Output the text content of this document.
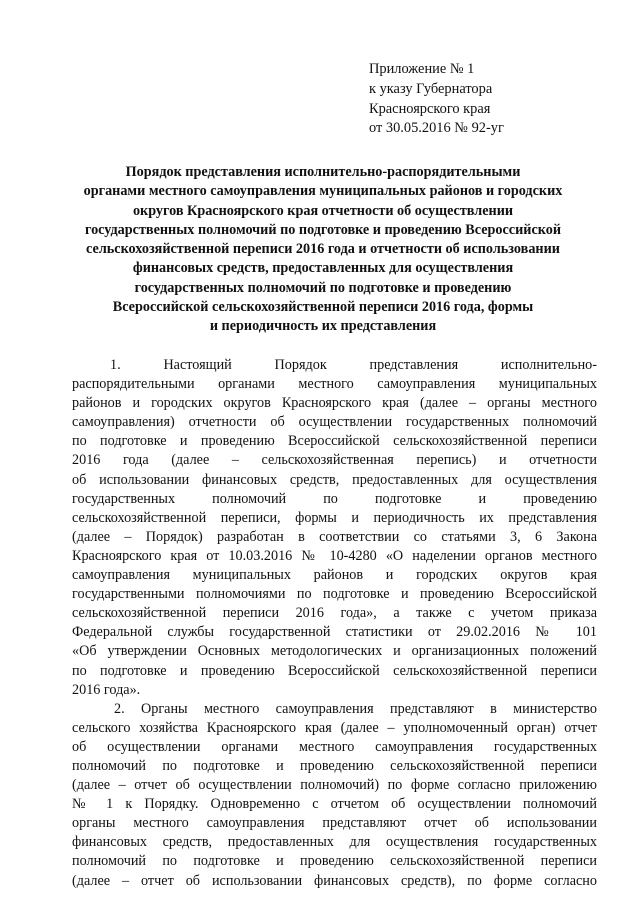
Приложение № 1
к указу Губернатора
Красноярского края
от 30.05.2016 № 92-уг
Порядок представления исполнительно-распорядительными
органами местного самоуправления муниципальных районов и городских
округов Красноярского края отчетности об осуществлении
государственных полномочий по подготовке и проведению Всероссийской
сельскохозяйственной переписи 2016 года и отчетности об использовании
финансовых средств, предоставленных для осуществления
государственных полномочий по подготовке и проведению
Всероссийской сельскохозяйственной переписи 2016 года, формы
и периодичность их представления
1. Настоящий Порядок представления исполнительно-
распорядительными органами местного самоуправления муниципальных
районов и городских округов Красноярского края (далее – органы местного
самоуправления) отчетности об осуществлении государственных полномочий
по подготовке и проведению Всероссийской сельскохозяйственной переписи
2016 года (далее – сельскохозяйственная перепись) и отчетности
об использовании финансовых средств, предоставленных для осуществления
государственных полномочий по подготовке и проведению
сельскохозяйственной переписи, формы и периодичность их представления
(далее – Порядок) разработан в соответствии со статьями 3, 6 Закона
Красноярского края от 10.03.2016 № 10-4280 «О наделении органов местного
самоуправления муниципальных районов и городских округов края
государственными полномочиями по подготовке и проведению Всероссийской
сельскохозяйственной переписи 2016 года», а также с учетом приказа
Федеральной службы государственной статистики от 29.02.2016 № 101
«Об утверждении Основных методологических и организационных положений
по подготовке и проведению Всероссийской сельскохозяйственной переписи
2016 года».
2. Органы местного самоуправления представляют в министерство
сельского хозяйства Красноярского края (далее – уполномоченный орган) отчет
об осуществлении органами местного самоуправления государственных
полномочий по подготовке и проведению сельскохозяйственной переписи
(далее – отчет об осуществлении полномочий) по форме согласно приложению
№ 1 к Порядку. Одновременно с отчетом об осуществлении полномочий
органы местного самоуправления представляют отчет об использовании
финансовых средств, предоставленных для осуществления государственных
полномочий по подготовке и проведению сельскохозяйственной переписи
(далее – отчет об использовании финансовых средств), по форме согласно
